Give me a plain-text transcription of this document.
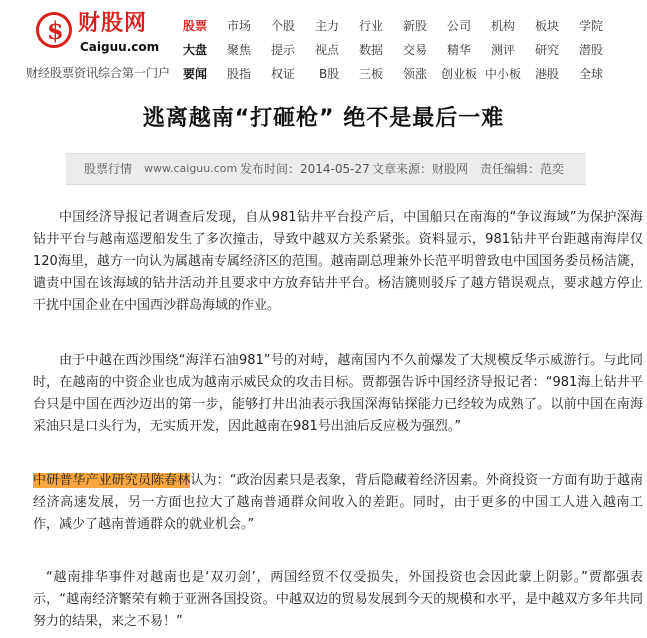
$ 财股网
Caiguu.com
财经股票资讯综合第一门户
股票 市场 个股 主力 行业 新股 公司 机构 板块 学院
大盘 聚焦 提示 视点 数据 交易 精华 测评 研究 潜股
要闻 股指 权证 B股 三板 领涨 创业板 中小板 港股 全球
逃离越南“打砸枪” 绝不是最后一难
股票行情 www.caiguu.com 发布时间：2014-05-27 文章来源：财股网 责任编辑：范奕

中国经济导报记者调查后发现，自从981钻井平台投产后，中国船只在南海的“争议海域”为保护深海钻井平台与越南巡逻船发生了多次撞击，导致中越双方关系紧张。资料显示，981钻井平台距越南海岸仅120海里，越方一向认为属越南专属经济区的范围。越南副总理兼外长范平明曾致电中国国务委员杨洁篪，谴责中国在该海域的钻井活动并且要求中方放弃钻井平台。杨洁篪则驳斥了越方错误观点，要求越方停止干扰中国企业在中国西沙群岛海域的作业。

由于中越在西沙围绕“海洋石油981”号的对峙，越南国内不久前爆发了大规模反华示威游行。与此同时，在越南的中资企业也成为越南示威民众的攻击目标。贾都强告诉中国经济导报记者：“981海上钻井平台只是中国在西沙迈出的第一步，能够打井出油表示我国深海钻探能力已经较为成熟了。以前中国在南海采油只是口头行为，无实质开发，因此越南在981号出油后反应极为强烈。”

中研普华产业研究员陈春林认为：“政治因素只是表象，背后隐藏着经济因素。外商投资一方面有助于越南经济高速发展，另一方面也拉大了越南普通群众间收入的差距。同时，由于更多的中国工人进入越南工作，减少了越南普通群众的就业机会。”

“越南排华事件对越南也是‘双刃剑’，两国经贸不仅受损失，外国投资也会因此蒙上阴影。”贾都强表示，“越南经济繁荣有赖于亚洲各国投资。中越双边的贸易发展到今天的规模和水平，是中越双方多年共同努力的结果，来之不易！”
